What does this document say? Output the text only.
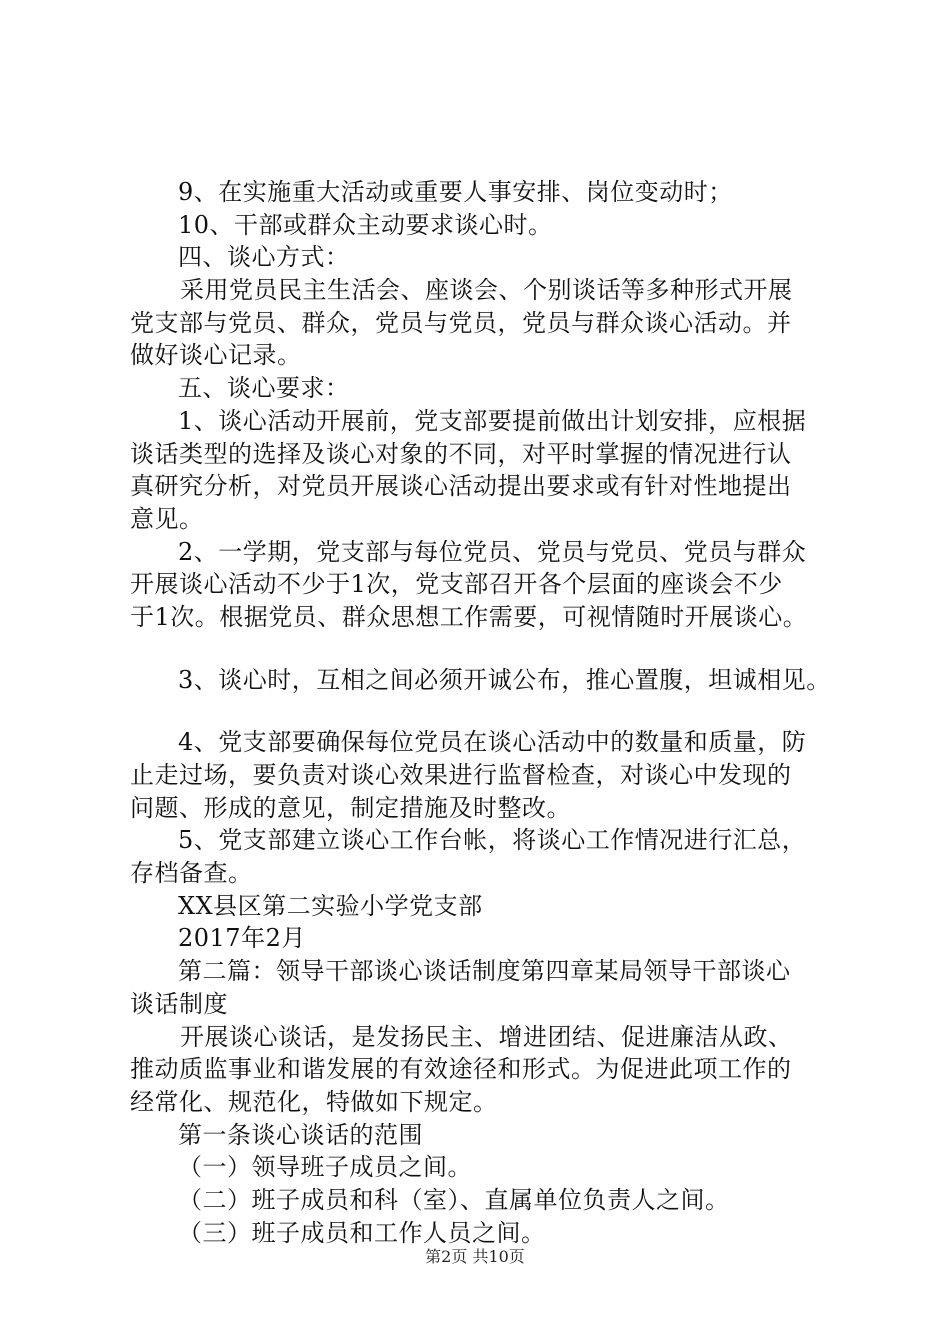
9、在实施重大活动或重要人事安排、岗位变动时；
10、干部或群众主动要求谈心时。
四、谈心方式：
采用党员民主生活会、座谈会、个别谈话等多种形式开展
党支部与党员、群众，党员与党员，党员与群众谈心活动。并
做好谈心记录。
五、谈心要求：
1、谈心活动开展前，党支部要提前做出计划安排，应根据
谈话类型的选择及谈心对象的不同，对平时掌握的情况进行认
真研究分析，对党员开展谈心活动提出要求或有针对性地提出
意见。
2、一学期，党支部与每位党员、党员与党员、党员与群众
开展谈心活动不少于1次，党支部召开各个层面的座谈会不少
于1次。根据党员、群众思想工作需要，可视情随时开展谈心。
3、谈心时，互相之间必须开诚公布，推心置腹，坦诚相见。
4、党支部要确保每位党员在谈心活动中的数量和质量，防
止走过场，要负责对谈心效果进行监督检查，对谈心中发现的
问题、形成的意见，制定措施及时整改。
5、党支部建立谈心工作台帐，将谈心工作情况进行汇总，
存档备查。
XX县区第二实验小学党支部
2017年2月
第二篇：领导干部谈心谈话制度第四章某局领导干部谈心
谈话制度
开展谈心谈话，是发扬民主、增进团结、促进廉洁从政、
推动质监事业和谐发展的有效途径和形式。为促进此项工作的
经常化、规范化，特做如下规定。
第一条谈心谈话的范围
（一）领导班子成员之间。
（二）班子成员和科（室）、直属单位负责人之间。
（三）班子成员和工作人员之间。
第2页 共10页
